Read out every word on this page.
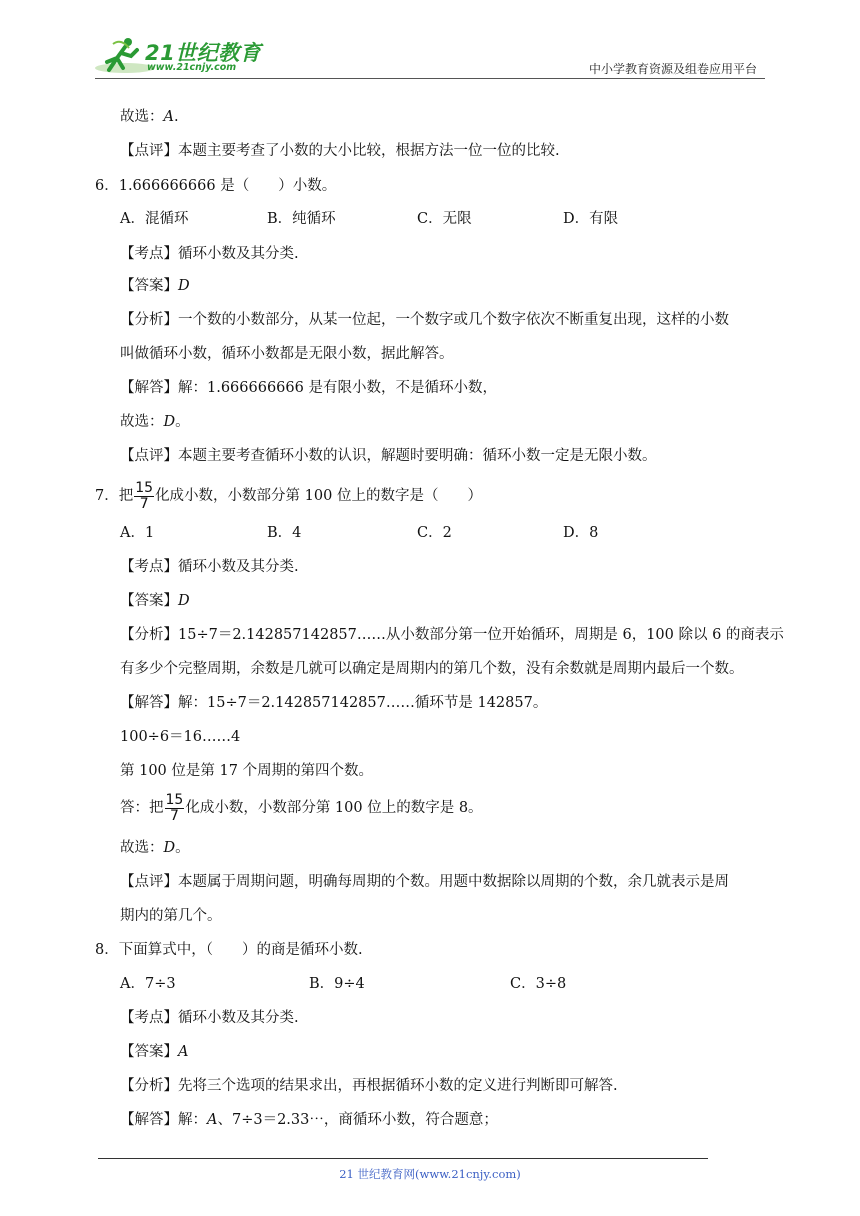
21世纪教育
www.21cnjy.com	中小学教育资源及组卷应用平台
故选：A.
【点评】本题主要考查了小数的大小比较，根据方法一位一位的比较.
6．1.666666666 是（　　）小数。
A．混循环	B．纯循环	C．无限	D．有限
【考点】循环小数及其分类.
【答案】D
【分析】一个数的小数部分，从某一位起，一个数字或几个数字依次不断重复出现，这样的小数
叫做循环小数，循环小数都是无限小数，据此解答。
【解答】解：1.666666666 是有限小数，不是循环小数，
故选：D。
【点评】本题主要考查循环小数的认识，解题时要明确：循环小数一定是无限小数。
7．把 $\frac{15}{7}$ 化成小数，小数部分第 100 位上的数字是（　　）
A．1	B．4	C．2	D．8
【考点】循环小数及其分类.
【答案】D
【分析】15÷7＝2.142857142857……从小数部分第一位开始循环，周期是 6，100 除以 6 的商表示
有多少个完整周期，余数是几就可以确定是周期内的第几个数，没有余数就是周期内最后一个数。
【解答】解：15÷7＝2.142857142857……循环节是 142857。
100÷6＝16……4
第 100 位是第 17 个周期的第四个数。
答：把 $\frac{15}{7}$ 化成小数，小数部分第 100 位上的数字是 8。
故选：D。
【点评】本题属于周期问题，明确每周期的个数。用题中数据除以周期的个数，余几就表示是周
期内的第几个。
8．下面算式中，（　　）的商是循环小数.
A．7÷3	B．9÷4	C．3÷8
【考点】循环小数及其分类.
【答案】A
【分析】先将三个选项的结果求出，再根据循环小数的定义进行判断即可解答.
【解答】解：A、7÷3＝2.33⋯，商循环小数，符合题意；
21 世纪教育网(www.21cnjy.com)
